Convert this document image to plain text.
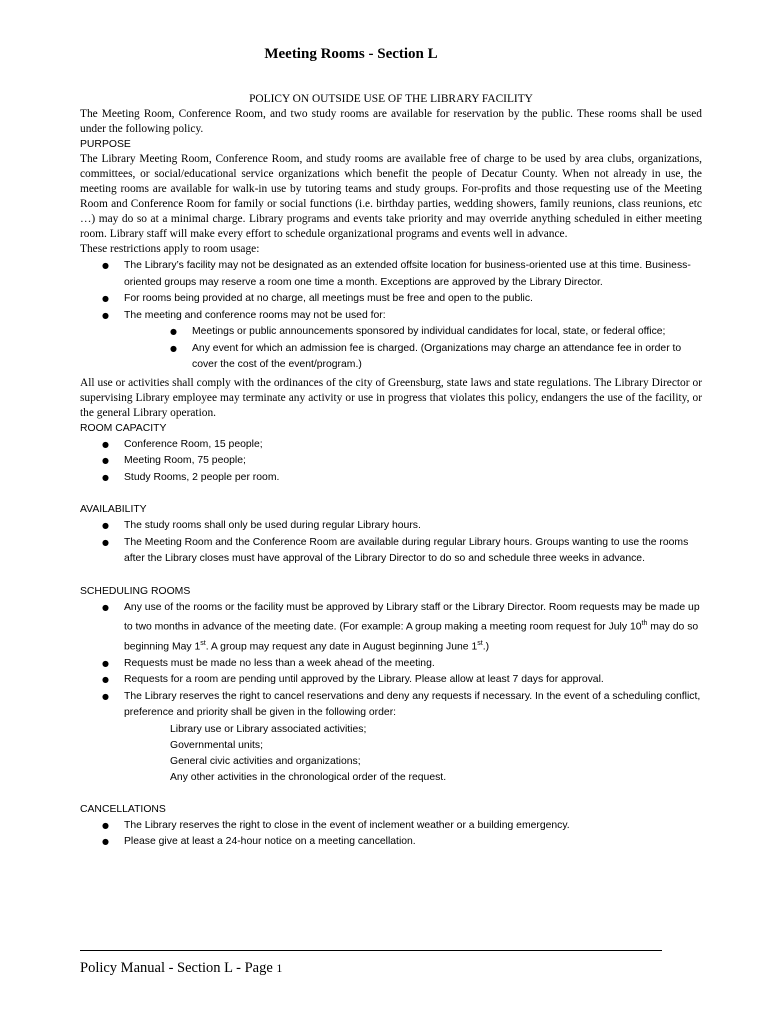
Meeting Rooms - Section L

POLICY ON OUTSIDE USE OF THE LIBRARY FACILITY

The Meeting Room, Conference Room, and two study rooms are available for reservation by the public. These rooms shall be used under the following policy.

PURPOSE

The Library Meeting Room, Conference Room, and study rooms are available free of charge to be used by area clubs, organizations, committees, or social/educational service organizations which benefit the people of Decatur County. When not already in use, the meeting rooms are available for walk-in use by tutoring teams and study groups. For-profits and those requesting use of the Meeting Room and Conference Room for family or social functions (i.e. birthday parties, wedding showers, family reunions, class reunions, etc …) may do so at a minimal charge. Library programs and events take priority and may override anything scheduled in either meeting room. Library staff will make every effort to schedule organizational programs and events well in advance.

These restrictions apply to room usage:

● The Library’s facility may not be designated as an extended offsite location for business-oriented use at this time. Business-oriented groups may reserve a room one time a month. Exceptions are approved by the Library Director.
● For rooms being provided at no charge, all meetings must be free and open to the public.
● The meeting and conference rooms may not be used for:
● Meetings or public announcements sponsored by individual candidates for local, state, or federal office;
● Any event for which an admission fee is charged. (Organizations may charge an attendance fee in order to cover the cost of the event/program.)

All use or activities shall comply with the ordinances of the city of Greensburg, state laws and state regulations. The Library Director or supervising Library employee may terminate any activity or use in progress that violates this policy, endangers the use of the facility, or the general Library operation.

ROOM CAPACITY

● Conference Room, 15 people;
● Meeting Room, 75 people;
● Study Rooms, 2 people per room.

AVAILABILITY

● The study rooms shall only be used during regular Library hours.
● The Meeting Room and the Conference Room are available during regular Library hours. Groups wanting to use the rooms after the Library closes must have approval of the Library Director to do so and schedule three weeks in advance.

SCHEDULING ROOMS

● Any use of the rooms or the facility must be approved by Library staff or the Library Director. Room requests may be made up to two months in advance of the meeting date. (For example: A group making a meeting room request for July 10th may do so beginning May 1st. A group may request any date in August beginning June 1st.)
● Requests must be made no less than a week ahead of the meeting.
● Requests for a room are pending until approved by the Library. Please allow at least 7 days for approval.
● The Library reserves the right to cancel reservations and deny any requests if necessary. In the event of a scheduling conflict, preference and priority shall be given in the following order:
Library use or Library associated activities;
Governmental units;
General civic activities and organizations;
Any other activities in the chronological order of the request.

CANCELLATIONS

● The Library reserves the right to close in the event of inclement weather or a building emergency.
● Please give at least a 24-hour notice on a meeting cancellation.
Policy Manual - Section L - Page 1
